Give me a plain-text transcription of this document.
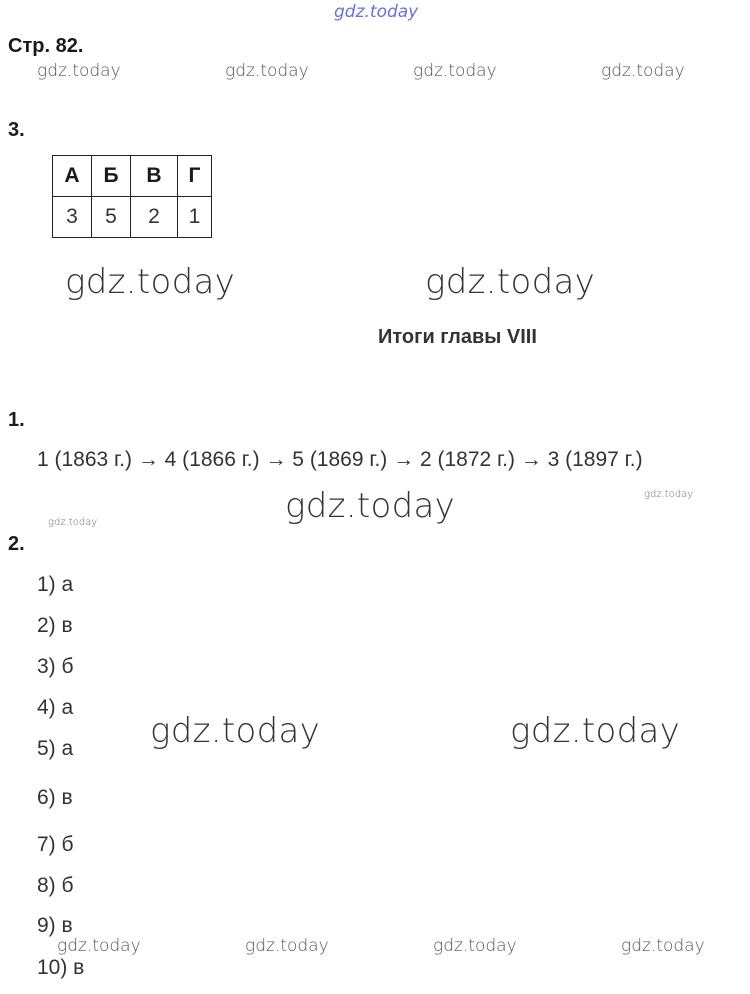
gdz.today
Стр. 82.
gdz.today	gdz.today	gdz.today	gdz.today
3.
А	Б	В	Г
3	5	2	1
gdz.today	gdz.today
Итоги главы VIII
1.
1 (1863 г.) → 4 (1866 г.) → 5 (1869 г.) → 2 (1872 г.) → 3 (1897 г.)
gdz.today
gdz.today	gdz.today
2.
1) а
2) в
3) б
4) а
5) а
6) в
7) б
8) б
9) в
10) в
gdz.today	gdz.today
gdz.today	gdz.today	gdz.today	gdz.today
